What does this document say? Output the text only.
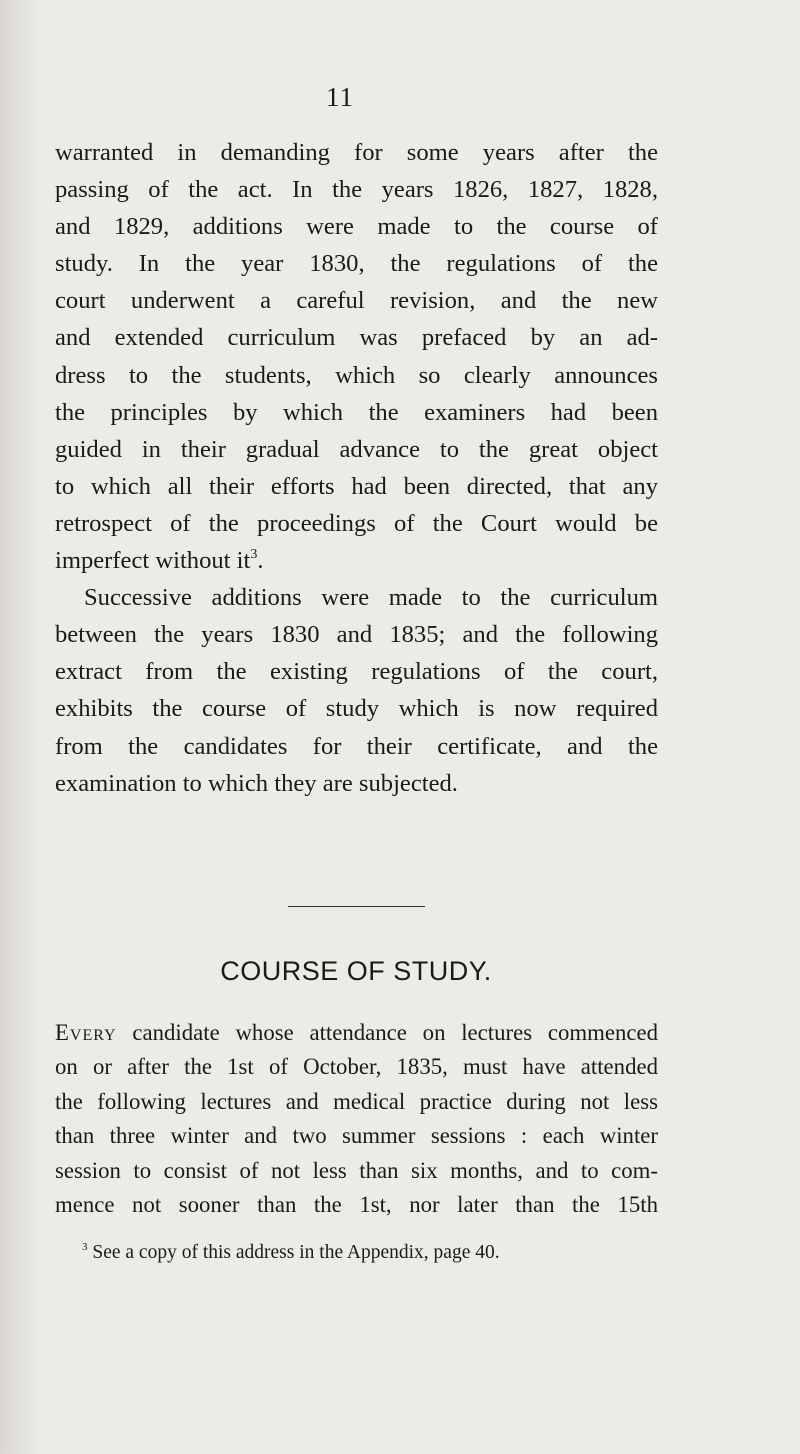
11
warranted in demanding for some years after the
passing of the act. In the years 1826, 1827, 1828,
and 1829, additions were made to the course of
study. In the year 1830, the regulations of the
court underwent a careful revision, and the new
and extended curriculum was prefaced by an ad-
dress to the students, which so clearly announces
the principles by which the examiners had been
guided in their gradual advance to the great object
to which all their efforts had been directed, that any
retrospect of the proceedings of the Court would be
imperfect without $it^3$.
Successive additions were made to the curriculum
between the years 1830 and 1835; and the following
extract from the existing regulations of the court,
exhibits the course of study which is now required
from the candidates for their certificate, and the
examination to which they are subjected.
COURSE OF STUDY.
Every candidate whose attendance on lectures commenced
on or after the 1st of October, 1835, must have attended
the following lectures and medical practice during not less
than three winter and two summer sessions : each winter
session to consist of not less than six months, and to com-
mence not sooner than the 1st, nor later than the 15th
$^3$ See a copy of this address in the Appendix, page 40.
